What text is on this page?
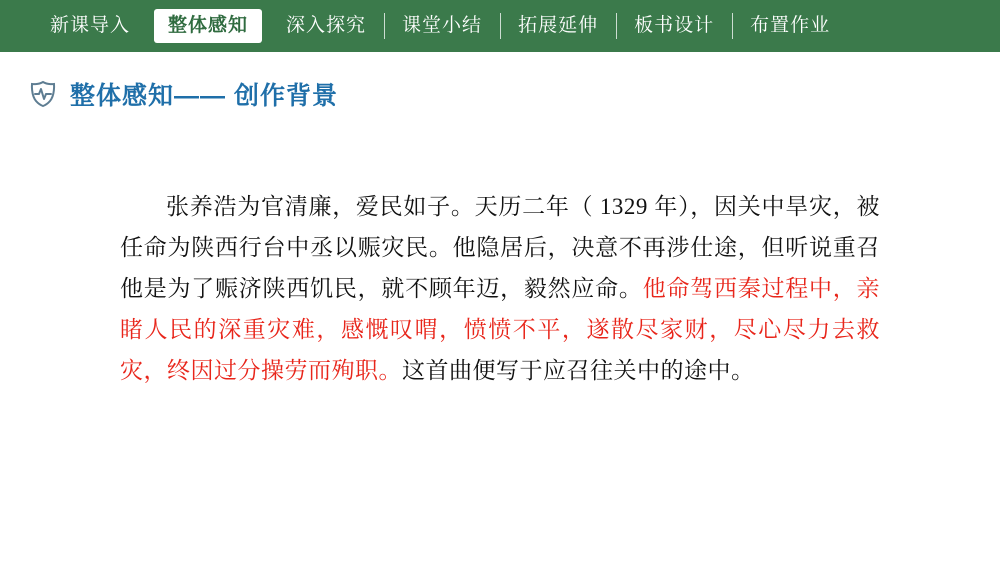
新课导入	整体感知	深入探究	课堂小结	拓展延伸	板书设计	布置作业
整体感知—— 创作背景

张养浩为官清廉，爱民如子。天历二年（ 1329 年），因关中旱灾，被任命为陕西行台中丞以赈灾民。他隐居后，决意不再涉仕途，但听说重召他是为了赈济陕西饥民，就不顾年迈，毅然应命。他命驾西秦过程中，亲睹人民的深重灾难，感慨叹喟，愤愤不平，遂散尽家财，尽心尽力去救灾，终因过分操劳而殉职。这首曲便写于应召往关中的途中。
